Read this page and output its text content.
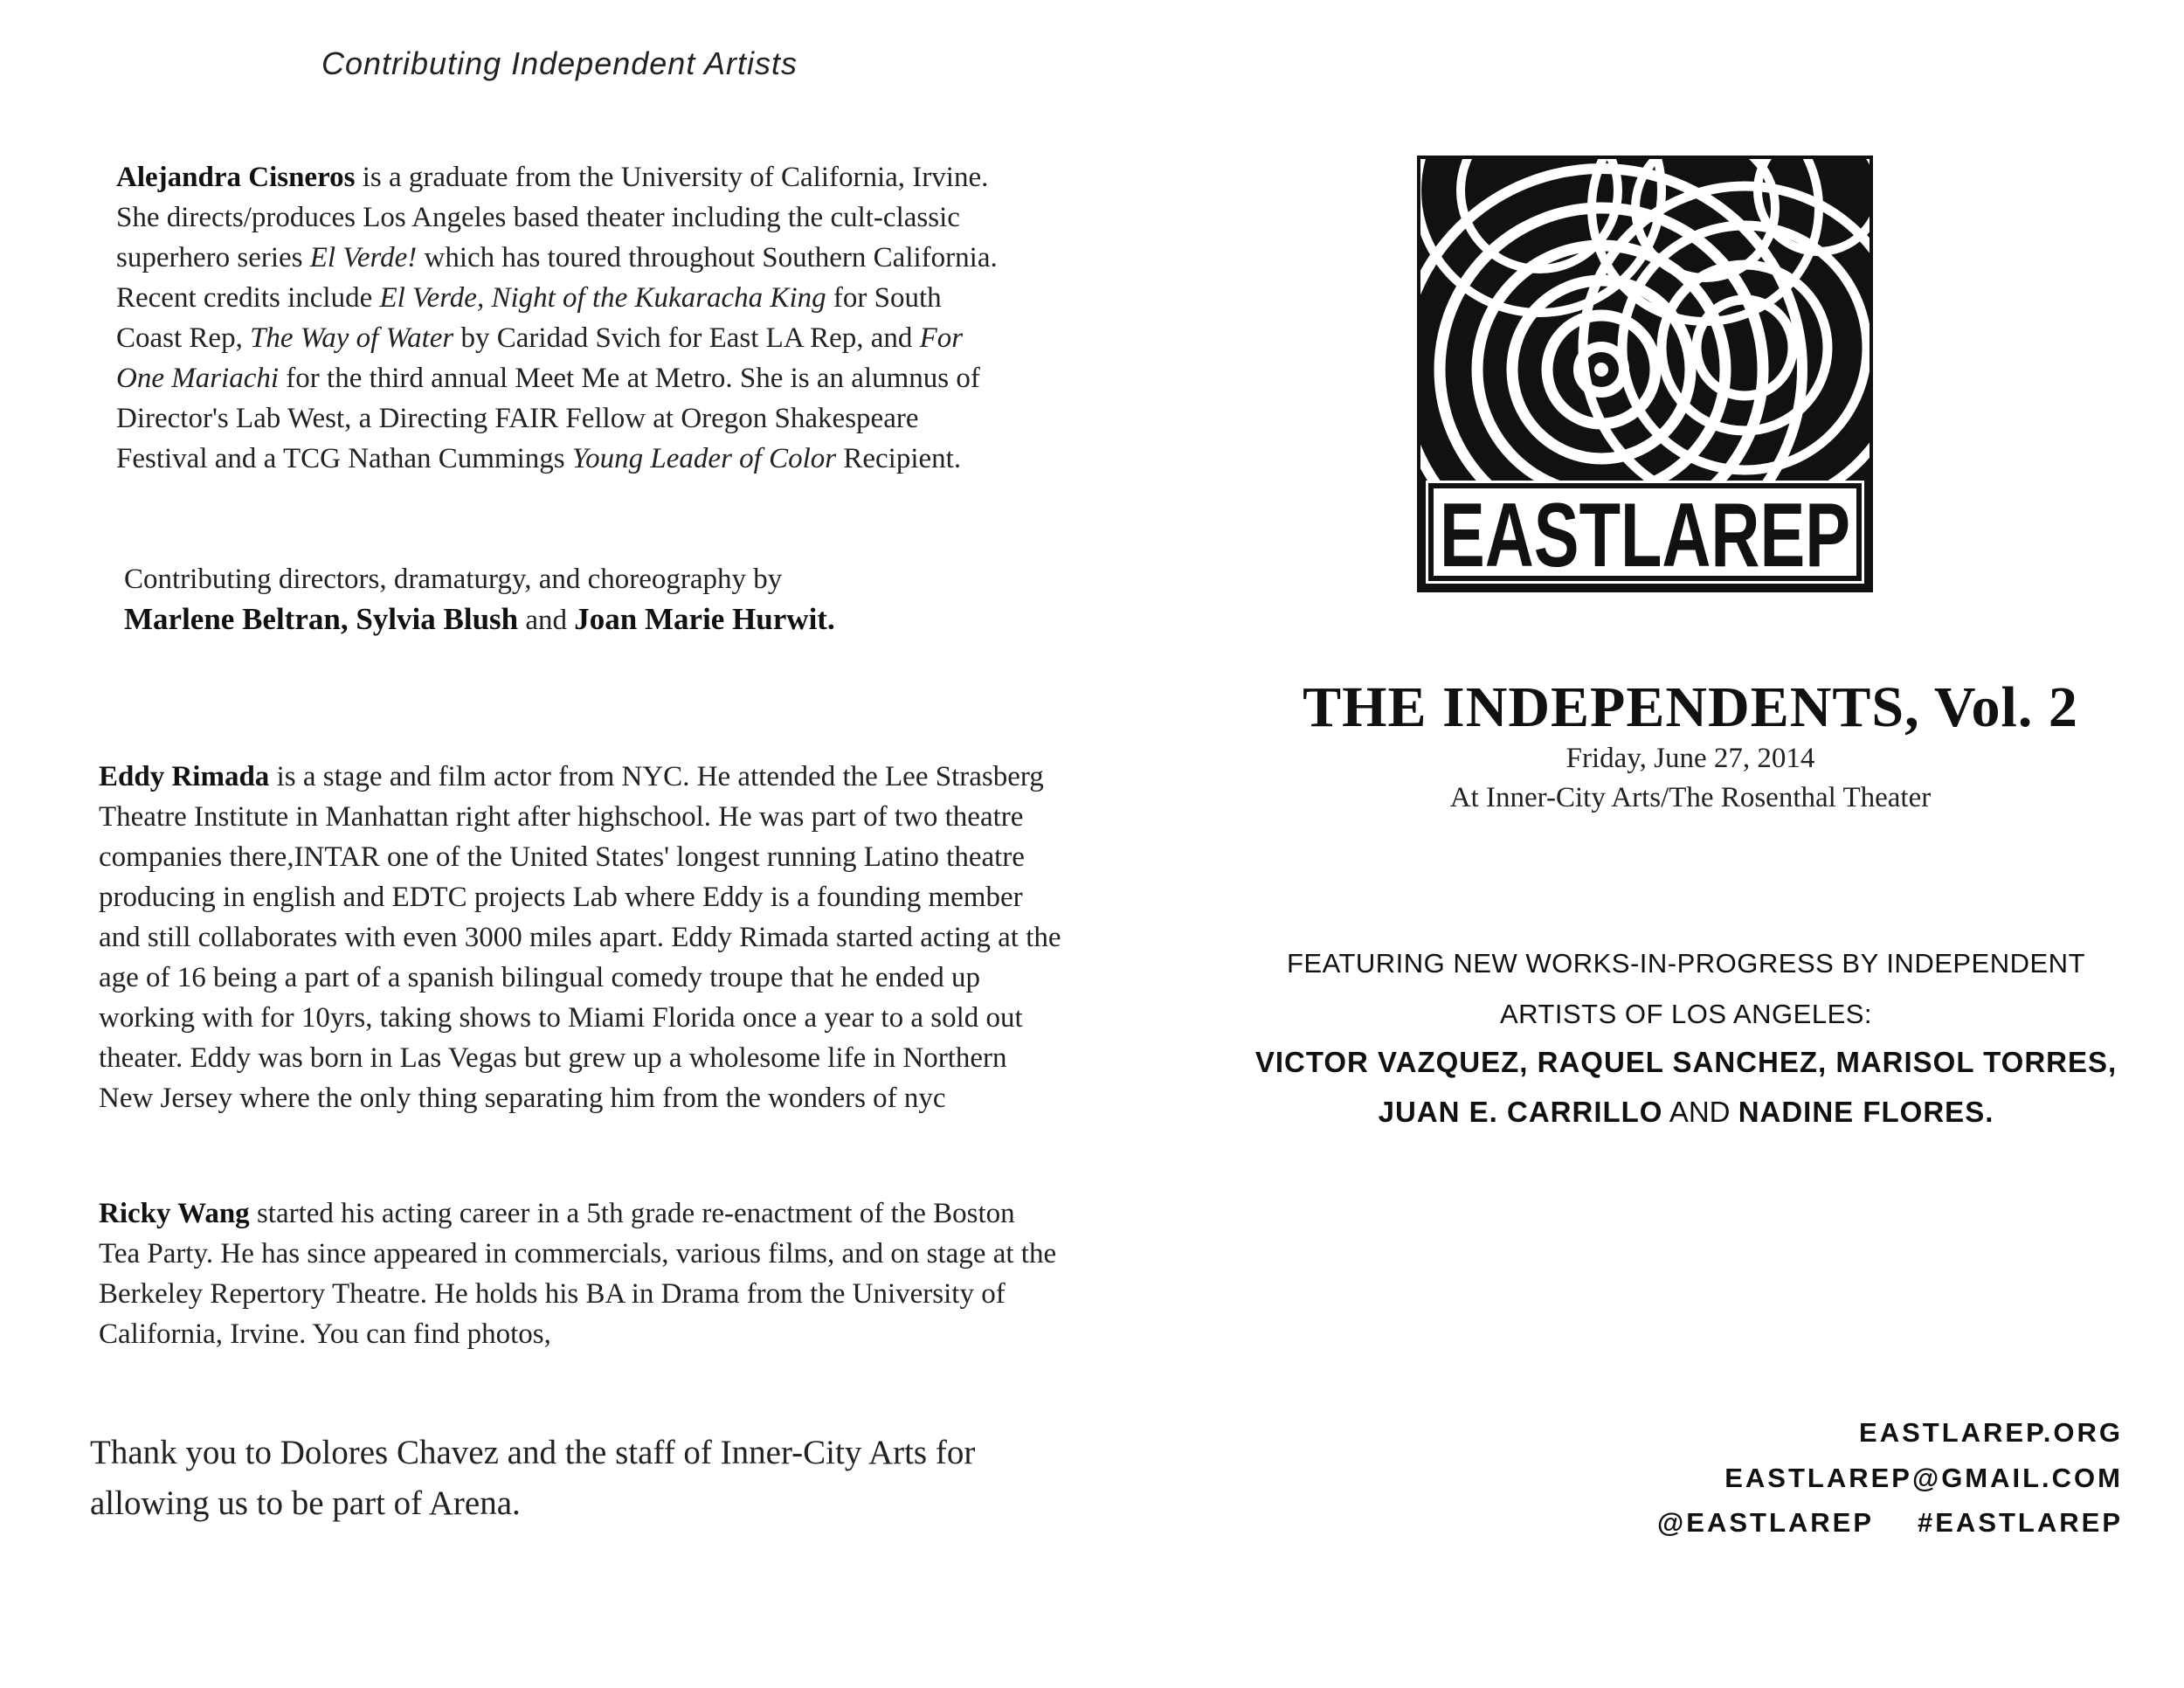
Contributing Independent Artists

Alejandra Cisneros is a graduate from the University of California, Irvine. She directs/produces Los Angeles based theater including the cult-classic superhero series El Verde! which has toured throughout Southern California. Recent credits include El Verde, Night of the Kukaracha King for South Coast Rep, The Way of Water by Caridad Svich for East LA Rep, and For One Mariachi for the third annual Meet Me at Metro. She is an alumnus of Director's Lab West, a Directing FAIR Fellow at Oregon Shakespeare Festival and a TCG Nathan Cummings Young Leader of Color Recipient.

Contributing directors, dramaturgy, and choreography by
Marlene Beltran, Sylvia Blush and Joan Marie Hurwit.

Eddy Rimada is a stage and film actor from NYC. He attended the Lee Strasberg Theatre Institute in Manhattan right after highschool. He was part of two theatre companies there,INTAR one of the United States' longest running Latino theatre producing in english and EDTC projects Lab where Eddy is a founding member and still collaborates with even 3000 miles apart. Eddy Rimada started acting at the age of 16 being a part of a spanish bilingual comedy troupe that he ended up working with for 10yrs, taking shows to Miami Florida once a year to a sold out theater. Eddy was born in Las Vegas but grew up a wholesome life in Northern New Jersey where the only thing separating him from the wonders of nyc

Ricky Wang started his acting career in a 5th grade re-enactment of the Boston Tea Party. He has since appeared in commercials, various films, and on stage at the Berkeley Repertory Theatre. He holds his BA in Drama from the University of California, Irvine. You can find photos,

Thank you to Dolores Chavez and the staff of Inner-City Arts for allowing us to be part of Arena.
EASTLAREP
THE INDEPENDENTS, Vol. 2
Friday, June 27, 2014
At Inner-City Arts/The Rosenthal Theater
FEATURING NEW WORKS-IN-PROGRESS BY INDEPENDENT
ARTISTS OF LOS ANGELES:
VICTOR VAZQUEZ, RAQUEL SANCHEZ, MARISOL TORRES,
JUAN E. CARRILLO AND NADINE FLORES.
EASTLAREP.ORG
EASTLAREP@GMAIL.COM
@EASTLAREP #EASTLAREP
